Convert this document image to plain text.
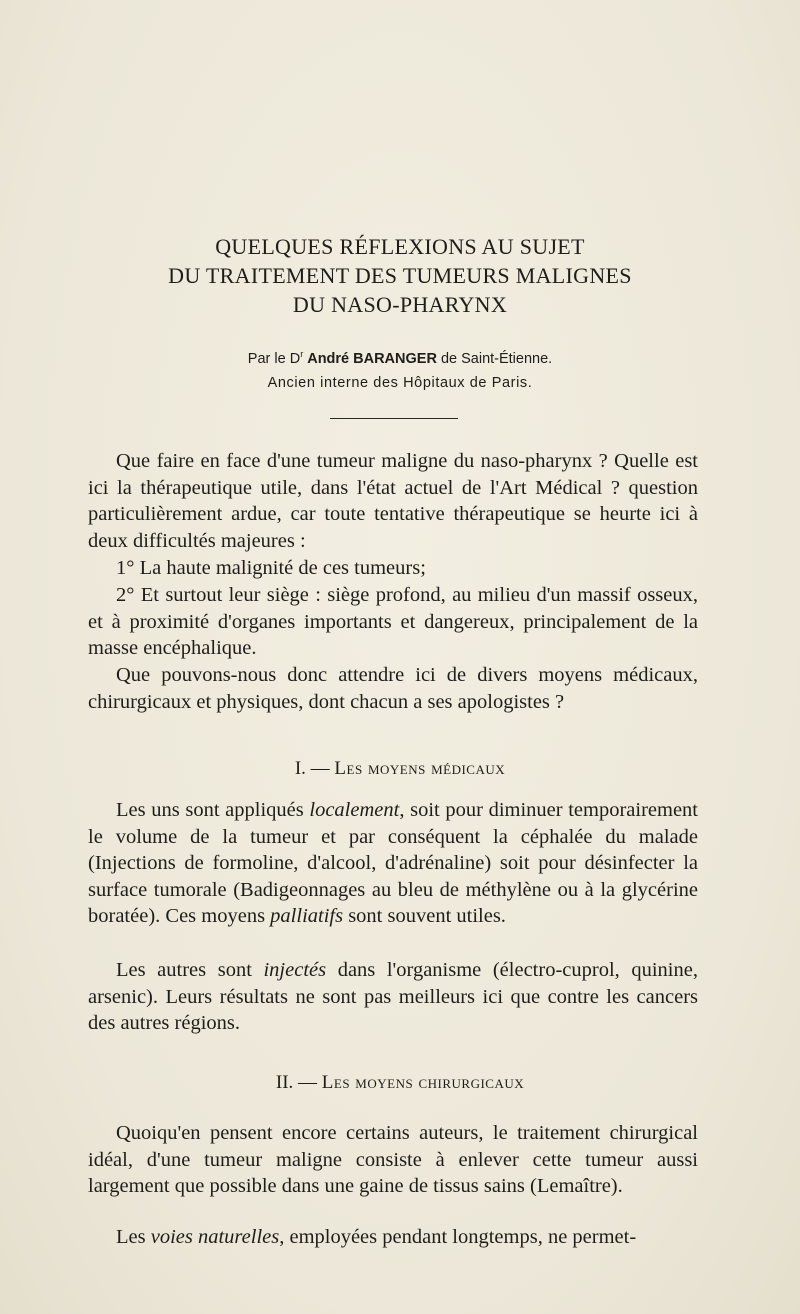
QUELQUES RÉFLEXIONS AU SUJET
DU TRAITEMENT DES TUMEURS MALIGNES
DU NASO-PHARYNX
Par le $D^r$ André BARANGER de Saint-Étienne.
Ancien interne des Hôpitaux de Paris.
Que faire en face d'une tumeur maligne du naso-pharynx ? Quelle est ici la thérapeutique utile, dans l'état actuel de l'Art Médical ? question particulièrement ardue, car toute tentative thérapeutique se heurte ici à deux difficultés majeures :
1° La haute malignité de ces tumeurs;
2° Et surtout leur siège : siège profond, au milieu d'un massif osseux, et à proximité d'organes importants et dangereux, principalement de la masse encéphalique.
Que pouvons-nous donc attendre ici de divers moyens médicaux, chirurgicaux et physiques, dont chacun a ses apologistes ?
I. — Les moyens médicaux
Les uns sont appliqués localement, soit pour diminuer temporairement le volume de la tumeur et par conséquent la céphalée du malade (Injections de formoline, d'alcool, d'adrénaline) soit pour désinfecter la surface tumorale (Badigeonnages au bleu de méthylène ou à la glycérine boratée). Ces moyens palliatifs sont souvent utiles.
Les autres sont injectés dans l'organisme (électro-cuprol, quinine, arsenic). Leurs résultats ne sont pas meilleurs ici que contre les cancers des autres régions.
II. — Les moyens chirurgicaux
Quoiqu'en pensent encore certains auteurs, le traitement chirurgical idéal, d'une tumeur maligne consiste à enlever cette tumeur aussi largement que possible dans une gaine de tissus sains (Lemaître).
Les voies naturelles, employées pendant longtemps, ne permet-
